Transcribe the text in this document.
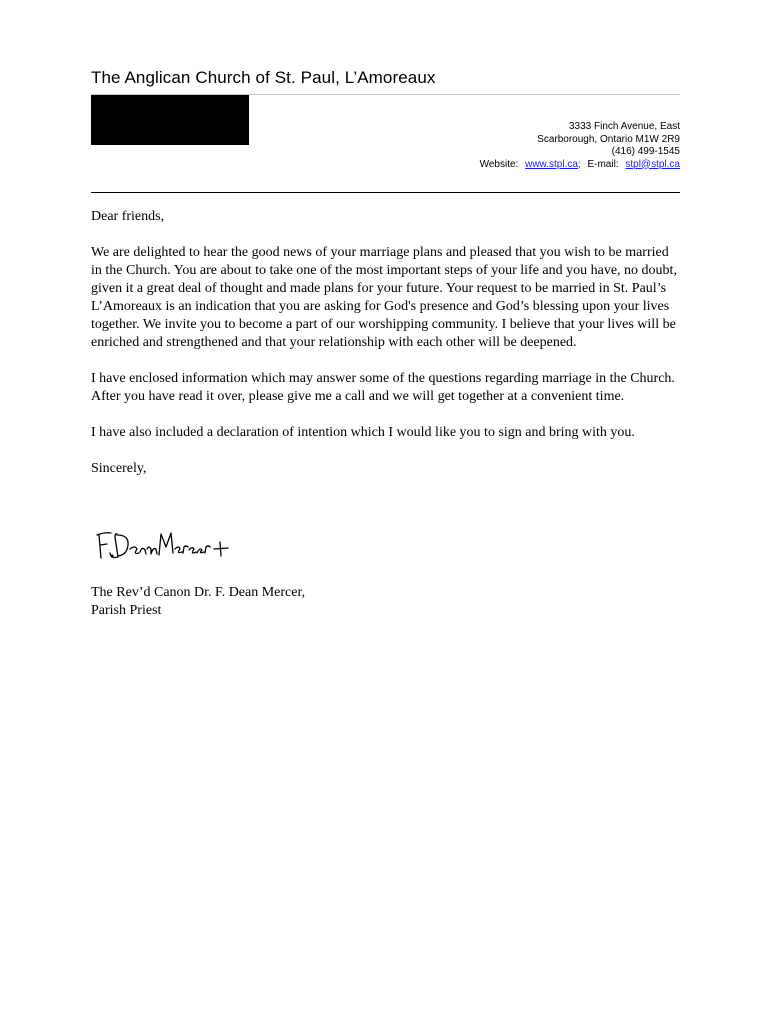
The Anglican Church of St. Paul, L’Amoreaux
3333 Finch Avenue, East
Scarborough, Ontario M1W 2R9
(416) 499-1545
Website: www.stpl.ca; E-mail: stpl@stpl.ca

Dear friends,

We are delighted to hear the good news of your marriage plans and pleased that you wish to be married in the Church. You are about to take one of the most important steps of your life and you have, no doubt, given it a great deal of thought and made plans for your future. Your request to be married in St. Paul’s L’Amoreaux is an indication that you are asking for God's presence and God’s blessing upon your lives together. We invite you to become a part of our worshipping community. I believe that your lives will be enriched and strengthened and that your relationship with each other will be deepened.

I have enclosed information which may answer some of the questions regarding marriage in the Church. After you have read it over, please give me a call and we will get together at a convenient time.

I have also included a declaration of intention which I would like you to sign and bring with you.

Sincerely,

The Rev’d Canon Dr. F. Dean Mercer,
Parish Priest
